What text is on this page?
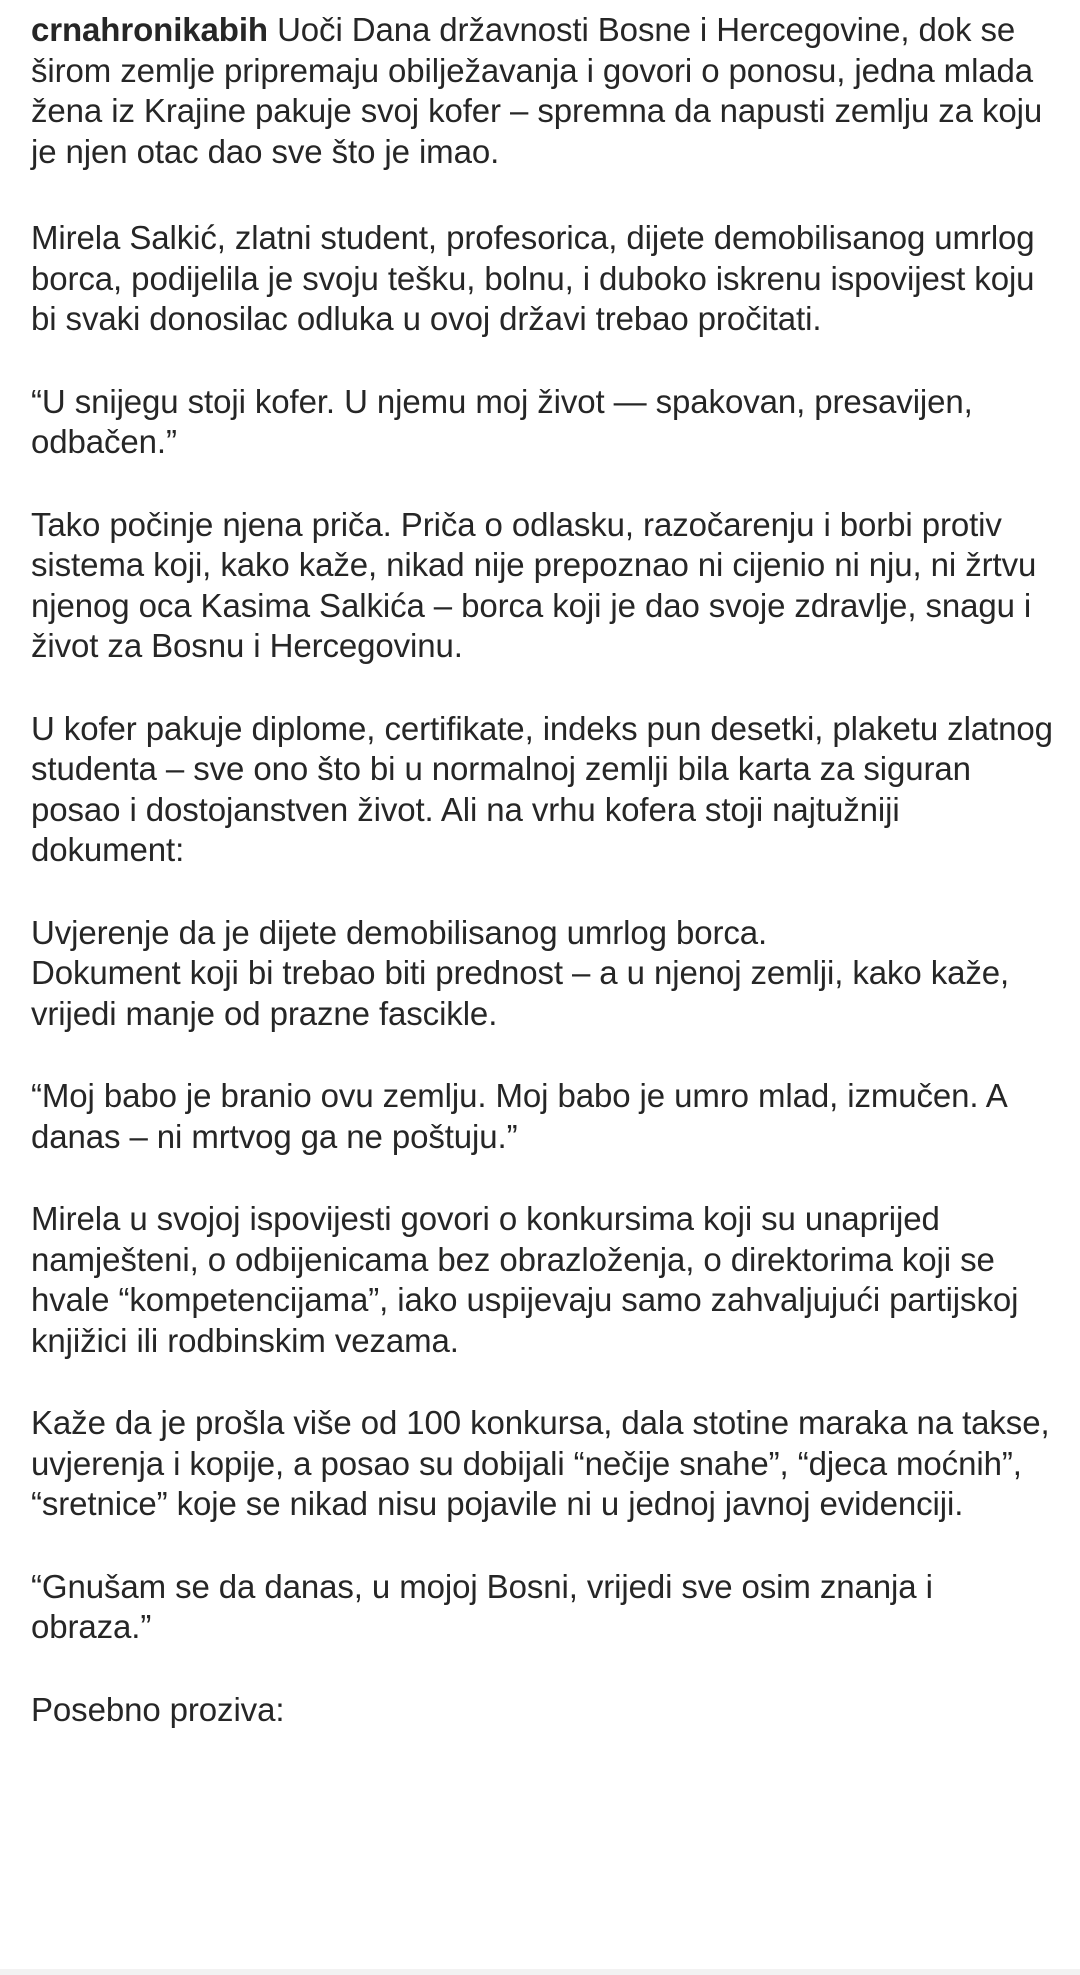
crnahronikabih Uoči Dana državnosti Bosne i Hercegovine, dok se širom zemlje pripremaju obilježavanja i govori o ponosu, jedna mlada žena iz Krajine pakuje svoj kofer – spremna da napusti zemlju za koju je njen otac dao sve što je imao.

Mirela Salkić, zlatni student, profesorica, dijete demobilisanog umrlog borca, podijelila je svoju tešku, bolnu, i duboko iskrenu ispovijest koju bi svaki donosilac odluka u ovoj državi trebao pročitati.

“U snijegu stoji kofer. U njemu moj život — spakovan, presavijen, odbačen.”

Tako počinje njena priča. Priča o odlasku, razočarenju i borbi protiv sistema koji, kako kaže, nikad nije prepoznao ni cijenio ni nju, ni žrtvu njenog oca Kasima Salkića – borca koji je dao svoje zdravlje, snagu i život za Bosnu i Hercegovinu.

U kofer pakuje diplome, certifikate, indeks pun desetki, plaketu zlatnog studenta – sve ono što bi u normalnoj zemlji bila karta za siguran posao i dostojanstven život. Ali na vrhu kofera stoji najtužniji dokument:

Uvjerenje da je dijete demobilisanog umrlog borca.

Dokument koji bi trebao biti prednost – a u njenoj zemlji, kako kaže, vrijedi manje od prazne fascikle.

“Moj babo je branio ovu zemlju. Moj babo je umro mlad, izmučen. A danas – ni mrtvog ga ne poštuju.”

Mirela u svojoj ispovijesti govori o konkursima koji su unaprijed namješteni, o odbijenicama bez obrazloženja, o direktorima koji se hvale “kompetencijama”, iako uspijevaju samo zahvaljujući partijskoj knjižici ili rodbinskim vezama.

Kaže da je prošla više od 100 konkursa, dala stotine maraka na takse, uvjerenja i kopije, a posao su dobijali “nečije snahe”, “djeca moćnih”, “sretnice” koje se nikad nisu pojavile ni u jednoj javnoj evidenciji.

“Gnušam se da danas, u mojoj Bosni, vrijedi sve osim znanja i obraza.”

Posebno proziva:
